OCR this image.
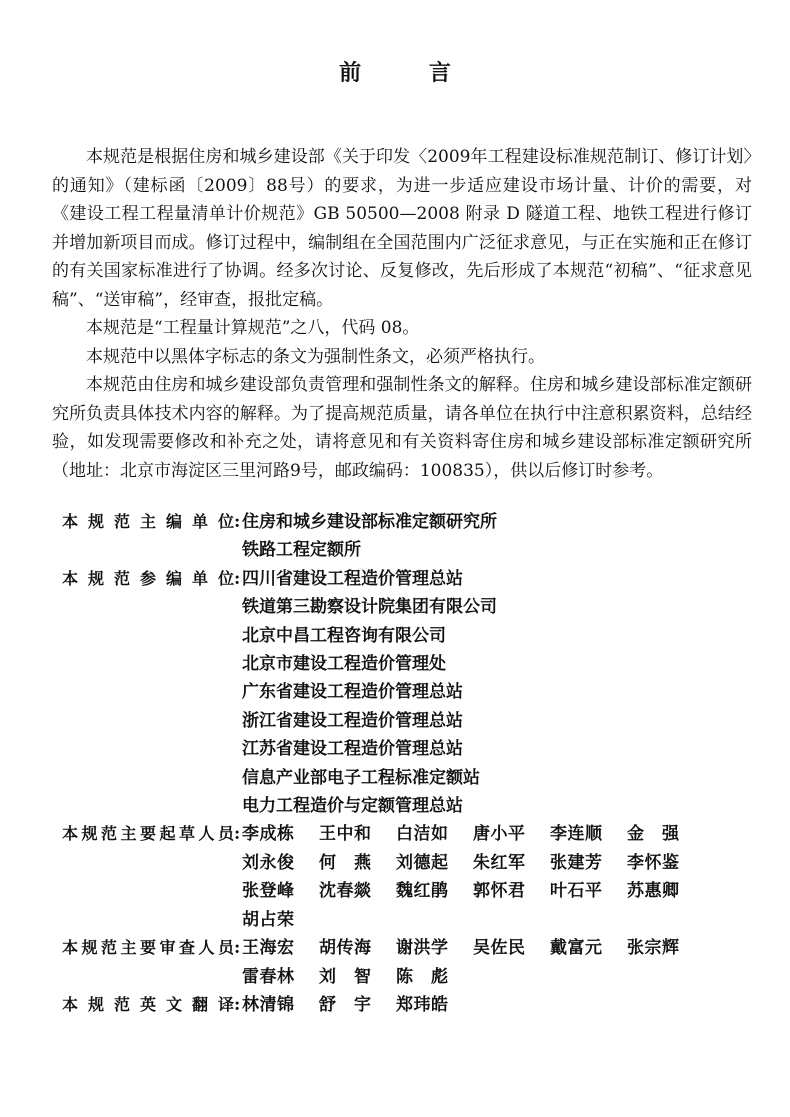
前 言

本规范是根据住房和城乡建设部《关于印发〈2009年工程建设标准规范制订、修订计划〉的通知》（建标函〔2009〕88号）的要求，为进一步适应建设市场计量、计价的需要，对《建设工程工程量清单计价规范》GB 50500—2008 附录 D 隧道工程、地铁工程进行修订并增加新项目而成。修订过程中，编制组在全国范围内广泛征求意见，与正在实施和正在修订的有关国家标准进行了协调。经多次讨论、反复修改，先后形成了本规范“初稿”、“征求意见稿”、“送审稿”，经审查，报批定稿。

本规范是“工程量计算规范”之八，代码 08。

本规范中以黑体字标志的条文为强制性条文，必须严格执行。

本规范由住房和城乡建设部负责管理和强制性条文的解释。住房和城乡建设部标准定额研究所负责具体技术内容的解释。为了提高规范质量，请各单位在执行中注意积累资料，总结经验，如发现需要修改和补充之处，请将意见和有关资料寄住房和城乡建设部标准定额研究所（地址：北京市海淀区三里河路9号，邮政编码：100835），供以后修订时参考。

本规范主编单位 : 住房和城乡建设部标准定额研究所
铁路工程定额所
本规范参编单位 : 四川省建设工程造价管理总站
铁道第三勘察设计院集团有限公司
北京中昌工程咨询有限公司
北京市建设工程造价管理处
广东省建设工程造价管理总站
浙江省建设工程造价管理总站
江苏省建设工程造价管理总站
信息产业部电子工程标准定额站
电力工程造价与定额管理总站
本规范主要起草人员 : 李成栋 王中和 白洁如 唐小平 李连顺 金 强
刘永俊 何 燕 刘德起 朱红军 张建芳 李怀鉴
张登峰 沈春燚 魏红鹃 郭怀君 叶石平 苏惠卿
胡占荣
本规范主要审查人员 : 王海宏 胡传海 谢洪学 吴佐民 戴富元 张宗辉
雷春林 刘 智 陈 彪
本规范英文翻译 : 林清锦 舒 宇 郑玮皓
